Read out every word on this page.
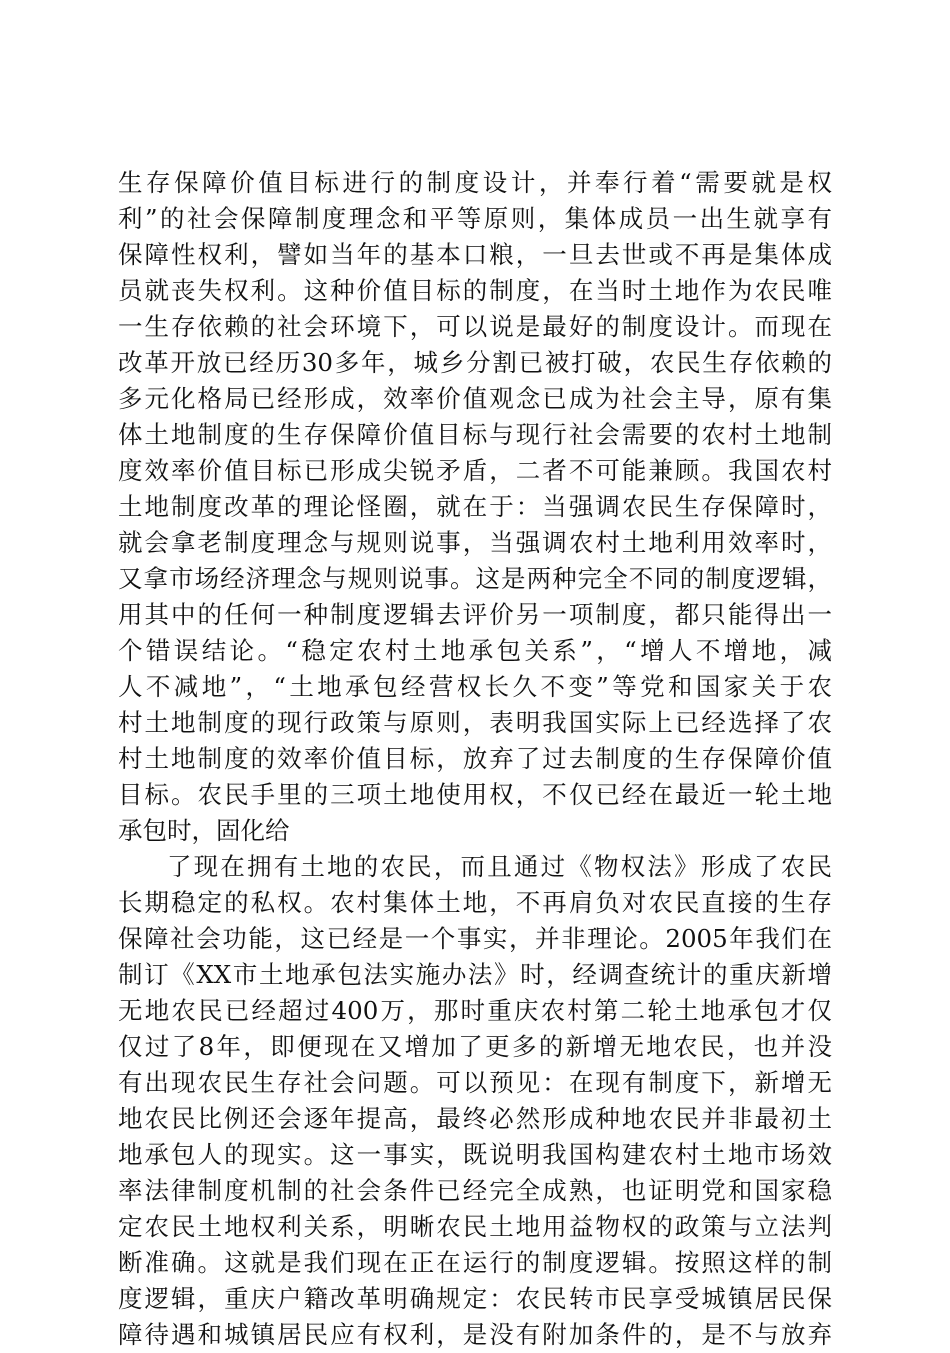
生存保障价值目标进行的制度设计，并奉行着“需要就是权

利”的社会保障制度理念和平等原则，集体成员一出生就享有

保障性权利，譬如当年的基本口粮，一旦去世或不再是集体成

员就丧失权利。这种价值目标的制度，在当时土地作为农民唯

一生存依赖的社会环境下，可以说是最好的制度设计。而现在

改革开放已经历30多年，城乡分割已被打破，农民生存依赖的

多元化格局已经形成，效率价值观念已成为社会主导，原有集

体土地制度的生存保障价值目标与现行社会需要的农村土地制

度效率价值目标已形成尖锐矛盾，二者不可能兼顾。我国农村

土地制度改革的理论怪圈，就在于：当强调农民生存保障时，

就会拿老制度理念与规则说事，当强调农村土地利用效率时，

又拿市场经济理念与规则说事。这是两种完全不同的制度逻辑，

用其中的任何一种制度逻辑去评价另一项制度，都只能得出一

个错误结论。“稳定农村土地承包关系”，“增人不增地，减

人不减地”，“土地承包经营权长久不变”等党和国家关于农

村土地制度的现行政策与原则，表明我国实际上已经选择了农

村土地制度的效率价值目标，放弃了过去制度的生存保障价值

目标。农民手里的三项土地使用权，不仅已经在最近一轮土地

承包时，固化给

了现在拥有土地的农民，而且通过《物权法》形成了农民

长期稳定的私权。农村集体土地，不再肩负对农民直接的生存

保障社会功能，这已经是一个事实，并非理论。2005年我们在

制订《XX市土地承包法实施办法》时，经调查统计的重庆新增

无地农民已经超过400万，那时重庆农村第二轮土地承包才仅

仅过了8年，即便现在又增加了更多的新增无地农民，也并没

有出现农民生存社会问题。可以预见：在现有制度下，新增无

地农民比例还会逐年提高，最终必然形成种地农民并非最初土

地承包人的现实。这一事实，既说明我国构建农村土地市场效

率法律制度机制的社会条件已经完全成熟，也证明党和国家稳

定农民土地权利关系，明晰农民土地用益物权的政策与立法判

断准确。这就是我们现在正在运行的制度逻辑。按照这样的制

度逻辑，重庆户籍改革明确规定：农民转市民享受城镇居民保

障待遇和城镇居民应有权利，是没有附加条件的，是不与放弃
